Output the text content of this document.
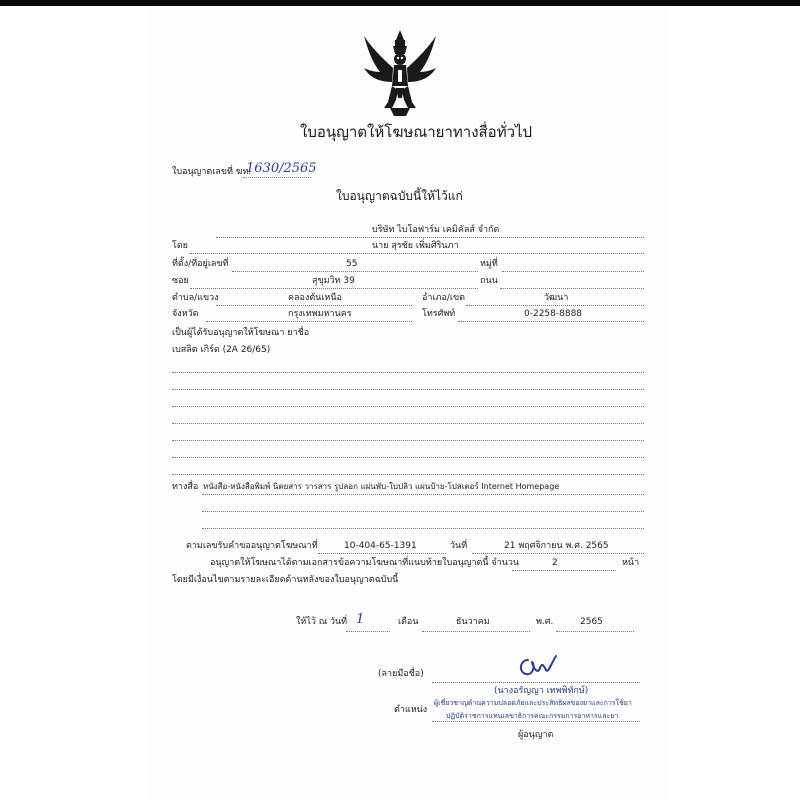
ใบอนุญาตให้โฆษณายาทางสื่อทั่วไป
ใบอนุญาตเลขที่ ฆท.
1630/2565
ใบอนุญาตฉบับนี้ให้ไว้แก่
บริษัท ไบโอฟาร์ม เคมิคัลส์ จำกัด
โดย	นาย สุรชัย เพิ่มศิรินภา
ที่ตั้ง/ที่อยู่เลขที่	55	หมู่ที่
ซอย	สุขุมวิท 39	ถนน
ตำบล/แขวง	คลองตันเหนือ	อำเภอ/เขต	วัฒนา
จังหวัด	กรุงเทพมหานคร	โทรศัพท์	0-2258-8888
เป็นผู้ได้รับอนุญาตให้โฆษณา ยาชื่อ
เบสลิต เกิร์ด (2A 26/65)
ทางสื่อ หนังสือ-หนังสือพิมพ์ นิตยสาร วารสาร รูปลอก แผ่นพับ-ใบปลิว แผ่นป้าย-โปสเตอร์ Internet Homepage
ตามเลขรับคำขออนุญาตโฆษณาที่	10-404-65-1391	วันที่	21 พฤศจิกายน พ.ศ. 2565
อนุญาตให้โฆษณาได้ตามเอกสารข้อความโฆษณาที่แนบท้ายใบอนุญาตนี้ จำนวน	2	หน้า
โดยมีเงื่อนไขตามรายละเอียดด้านหลังของใบอนุญาตฉบับนี้
ให้ไว้ ณ วันที่ 1	เดือน	ธันวาคม	พ.ศ.	2565
(ลายมือชื่อ)
(นางอรัญญา เทพพิทักษ์)
ตำแหน่ง
ผู้เชี่ยวชาญด้านความปลอดภัยและประสิทธิผลของยาและการใช้ยา
ปฏิบัติราชการแทนเลขาธิการคณะกรรมการอาหารและยา
ผู้อนุญาต
